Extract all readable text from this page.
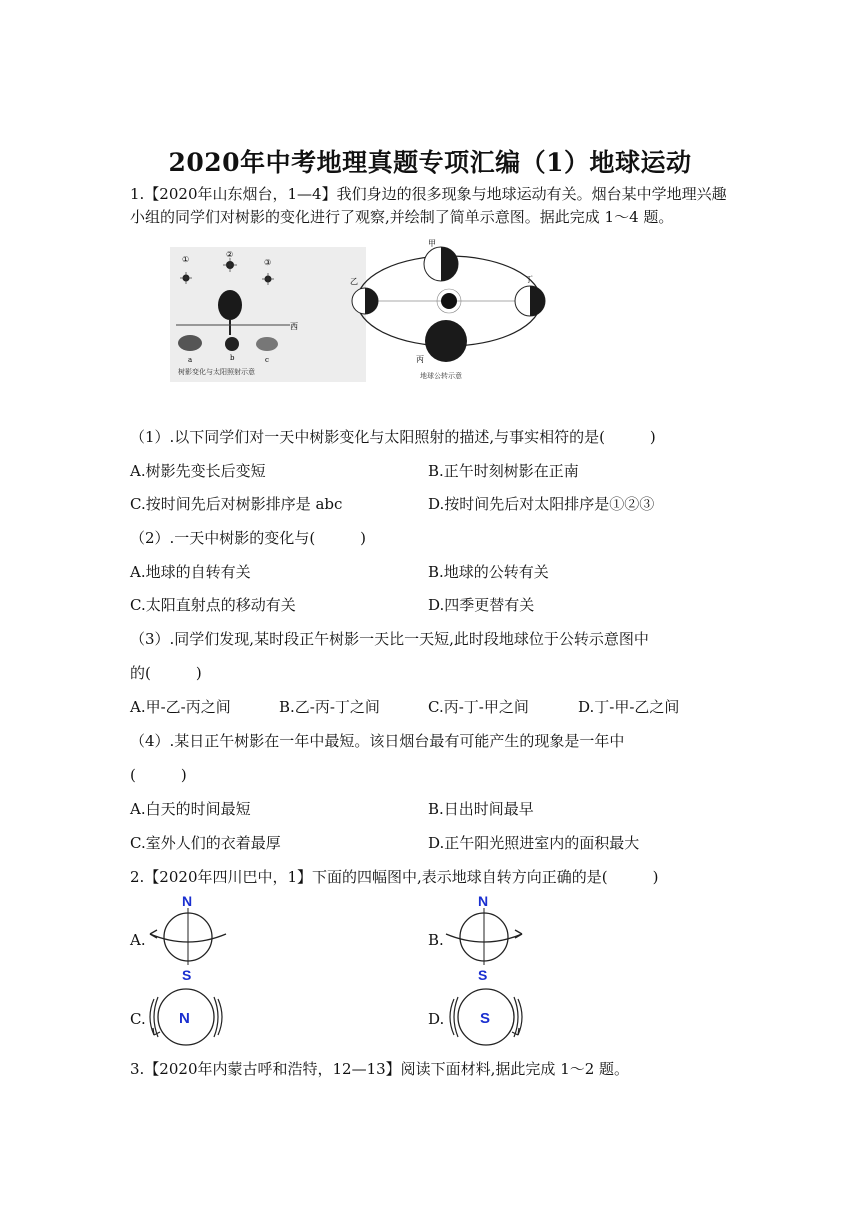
2020年中考地理真题专项汇编（1）地球运动
1.【2020年山东烟台，1—4】我们身边的很多现象与地球运动有关。烟台某中学地理兴趣
小组的同学们对树影的变化进行了观察,并绘制了简单示意图。据此完成 1～4 题。
①
②
③
西
a	b	c
树影变化与太阳照射示意
甲
乙
丙
丁
地球公转示意
（1）.以下同学们对一天中树影变化与太阳照射的描述,与事实相符的是(　　　)
A.树影先变长后变短	B.正午时刻树影在正南
C.按时间先后对树影排序是 abc	D.按时间先后对太阳排序是①②③
（2）.一天中树影的变化与(　　　)
A.地球的自转有关	B.地球的公转有关
C.太阳直射点的移动有关	D.四季更替有关
（3）.同学们发现,某时段正午树影一天比一天短,此时段地球位于公转示意图中
的(　　　)
A.甲-乙-丙之间	B.乙-丙-丁之间	C.丙-丁-甲之间	D.丁-甲-乙之间
（4）.某日正午树影在一年中最短。该日烟台最有可能产生的现象是一年中
(　　　)
A.白天的时间最短	B.日出时间最早
C.室外人们的衣着最厚	D.正午阳光照进室内的面积最大
2.【2020年四川巴中，1】下面的四幅图中,表示地球自转方向正确的是(　　　)
A.
N
S
B.
N
S
C. N	D. S
3.【2020年内蒙古呼和浩特，12—13】阅读下面材料,据此完成 1～2 题。
